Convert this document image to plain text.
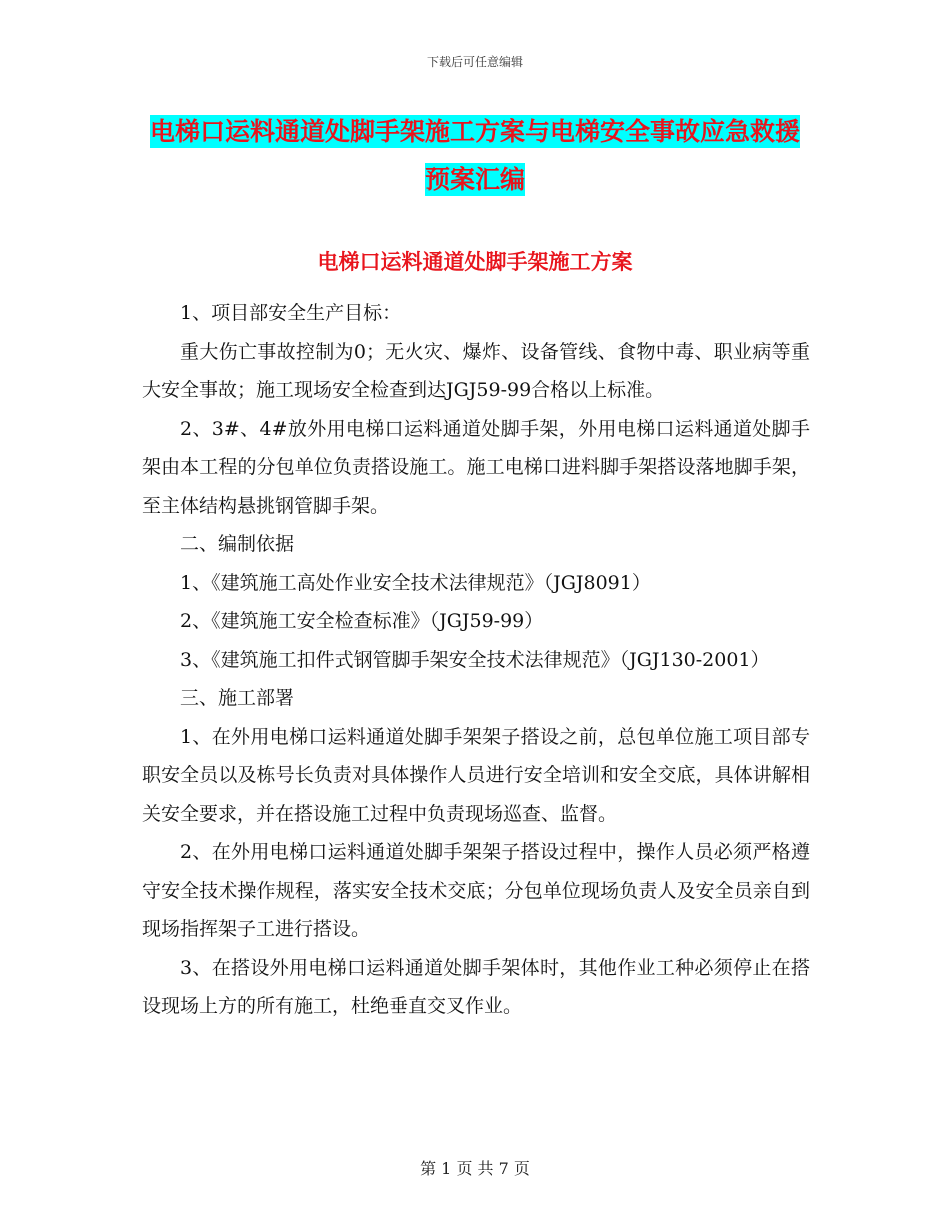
下载后可任意编辑
电梯口运料通道处脚手架施工方案与电梯安全事故应急救援预案汇编
电梯口运料通道处脚手架施工方案

1、项目部安全生产目标：

重大伤亡事故控制为0；无火灾、爆炸、设备管线、食物中毒、职业病等重大安全事故；施工现场安全检查到达JGJ59-99合格以上标准。

2、3#、4#放外用电梯口运料通道处脚手架，外用电梯口运料通道处脚手架由本工程的分包单位负责搭设施工。施工电梯口进料脚手架搭设落地脚手架，至主体结构悬挑钢管脚手架。

二、编制依据

1、《建筑施工高处作业安全技术法律规范》（JGJ8091）

2、《建筑施工安全检查标准》（JGJ59-99）

3、《建筑施工扣件式钢管脚手架安全技术法律规范》（JGJ130-2001）

三、施工部署

1、在外用电梯口运料通道处脚手架架子搭设之前，总包单位施工项目部专职安全员以及栋号长负责对具体操作人员进行安全培训和安全交底，具体讲解相关安全要求，并在搭设施工过程中负责现场巡查、监督。

2、在外用电梯口运料通道处脚手架架子搭设过程中，操作人员必须严格遵守安全技术操作规程，落实安全技术交底；分包单位现场负责人及安全员亲自到现场指挥架子工进行搭设。

3、在搭设外用电梯口运料通道处脚手架体时，其他作业工种必须停止在搭设现场上方的所有施工，杜绝垂直交叉作业。

第 1 页 共 7 页
